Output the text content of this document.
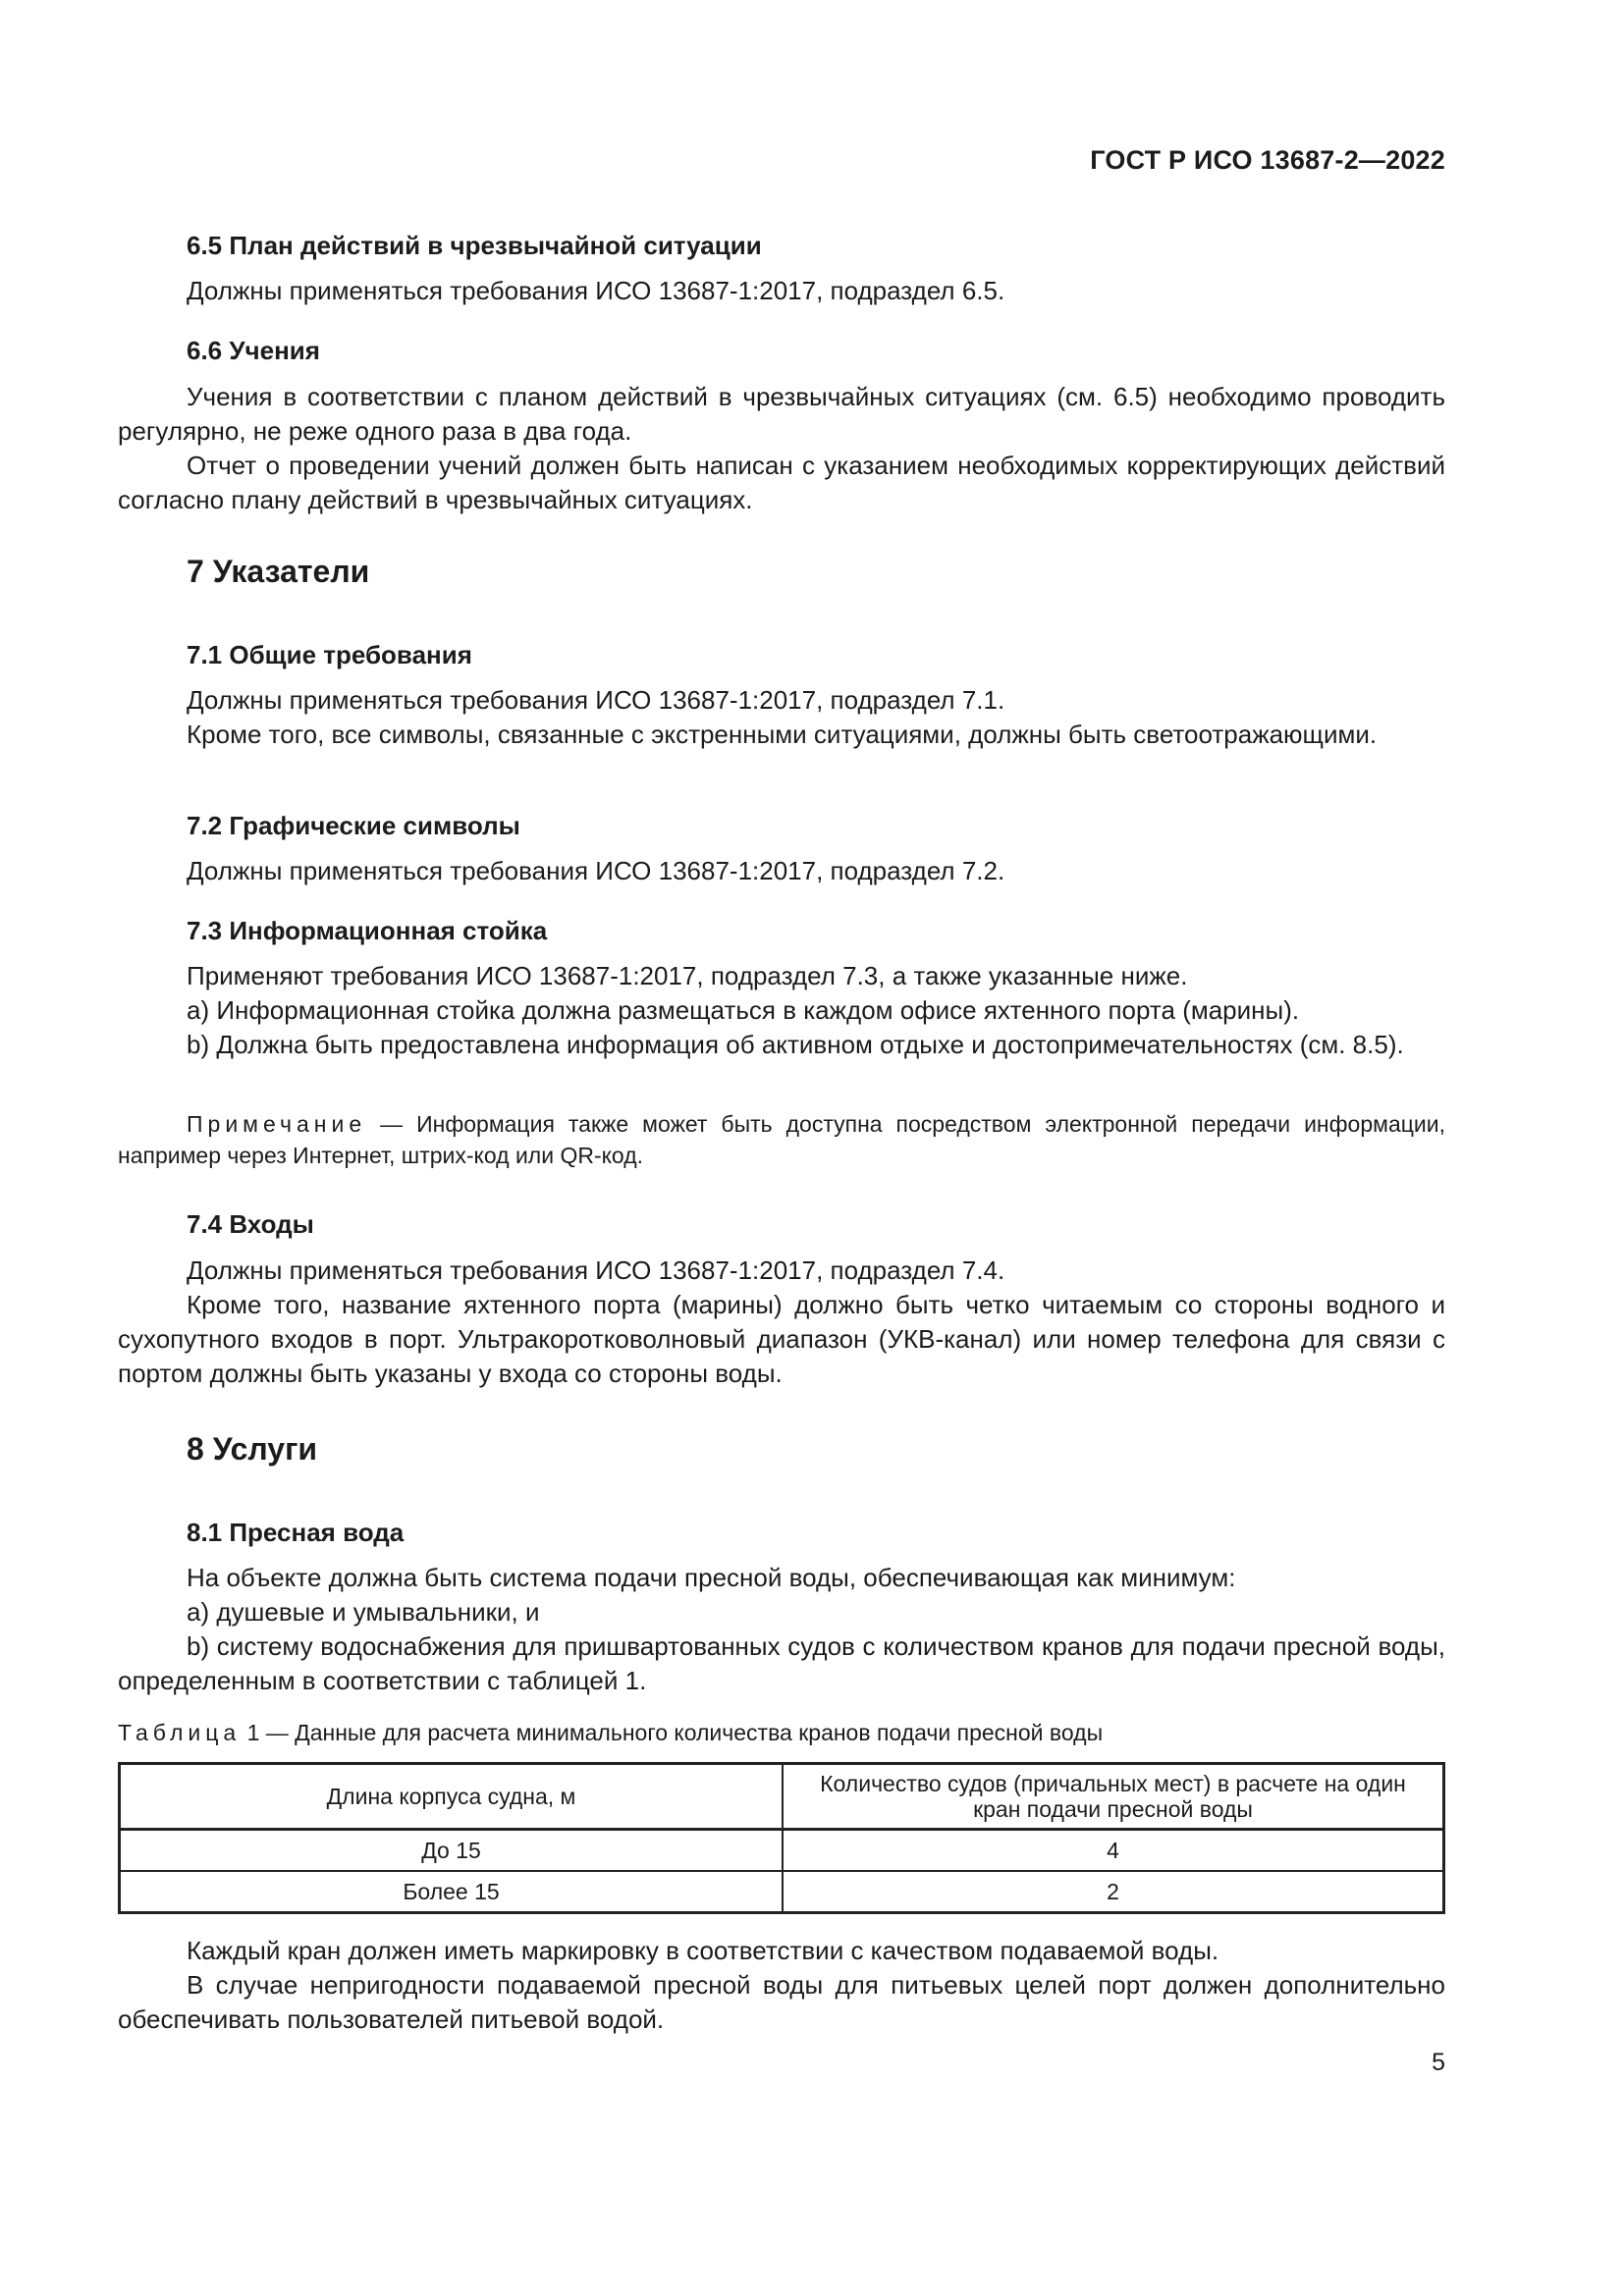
ГОСТ Р ИСО 13687-2—2022
6.5 План действий в чрезвычайной ситуации

Должны применяться требования ИСО 13687-1:2017, подраздел 6.5.

6.6 Учения

Учения в соответствии с планом действий в чрезвычайных ситуациях (см. 6.5) необходимо проводить регулярно, не реже одного раза в два года.

Отчет о проведении учений должен быть написан с указанием необходимых корректирующих действий согласно плану действий в чрезвычайных ситуациях.

7 Указатели
7.1 Общие требования

Должны применяться требования ИСО 13687-1:2017, подраздел 7.1.

Кроме того, все символы, связанные с экстренными ситуациями, должны быть светоотражающими.

7.2 Графические символы

Должны применяться требования ИСО 13687-1:2017, подраздел 7.2.

7.3 Информационная стойка

Применяют требования ИСО 13687-1:2017, подраздел 7.3, а также указанные ниже.

a) Информационная стойка должна размещаться в каждом офисе яхтенного порта (марины).

b) Должна быть предоставлена информация об активном отдыхе и достопримечательностях (см. 8.5).

Примечание — Информация также может быть доступна посредством электронной передачи информации, например через Интернет, штрих-код или QR-код.

7.4 Входы

Должны применяться требования ИСО 13687-1:2017, подраздел 7.4.

Кроме того, название яхтенного порта (марины) должно быть четко читаемым со стороны водного и сухопутного входов в порт. Ультракоротковолновый диапазон (УКВ-канал) или номер телефона для связи с портом должны быть указаны у входа со стороны воды.

8 Услуги
8.1 Пресная вода

На объекте должна быть система подачи пресной воды, обеспечивающая как минимум:

a) душевые и умывальники, и

b) систему водоснабжения для пришвартованных судов с количеством кранов для подачи пресной воды, определенным в соответствии с таблицей 1.

Таблица 1 — Данные для расчета минимального количества кранов подачи пресной воды
Длина корпуса судна, м	Количество судов (причальных мест) в расчете на один кран подачи пресной воды
До 15	4
Более 15	2

Каждый кран должен иметь маркировку в соответствии с качеством подаваемой воды.

В случае непригодности подаваемой пресной воды для питьевых целей порт должен дополнительно обеспечивать пользователей питьевой водой.

5
